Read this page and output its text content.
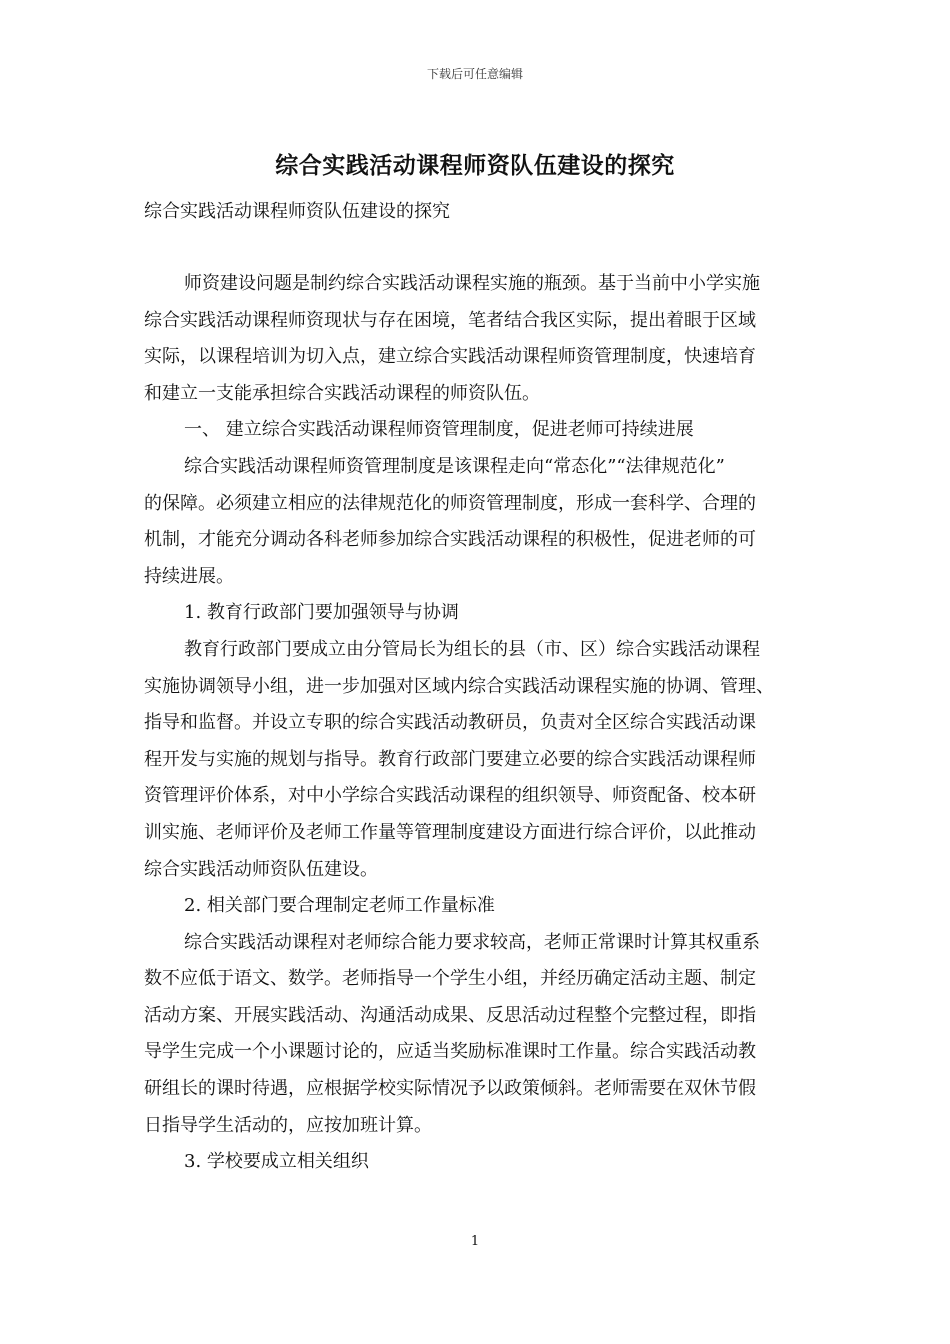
下载后可任意编辑
综合实践活动课程师资队伍建设的探究
综合实践活动课程师资队伍建设的探究
师资建设问题是制约综合实践活动课程实施的瓶颈。基于当前中小学实施
综合实践活动课程师资现状与存在困境，笔者结合我区实际，提出着眼于区域
实际，以课程培训为切入点，建立综合实践活动课程师资管理制度，快速培育
和建立一支能承担综合实践活动课程的师资队伍。
一、 建立综合实践活动课程师资管理制度，促进老师可持续进展
综合实践活动课程师资管理制度是该课程走向“常态化”“法律规范化”
的保障。必须建立相应的法律规范化的师资管理制度，形成一套科学、合理的
机制，才能充分调动各科老师参加综合实践活动课程的积极性，促进老师的可
持续进展。
1. 教育行政部门要加强领导与协调
教育行政部门要成立由分管局长为组长的县（市、区）综合实践活动课程
实施协调领导小组，进一步加强对区域内综合实践活动课程实施的协调、管理、
指导和监督。并设立专职的综合实践活动教研员，负责对全区综合实践活动课
程开发与实施的规划与指导。教育行政部门要建立必要的综合实践活动课程师
资管理评价体系，对中小学综合实践活动课程的组织领导、师资配备、校本研
训实施、老师评价及老师工作量等管理制度建设方面进行综合评价，以此推动
综合实践活动师资队伍建设。
2. 相关部门要合理制定老师工作量标准
综合实践活动课程对老师综合能力要求较高，老师正常课时计算其权重系
数不应低于语文、数学。老师指导一个学生小组，并经历确定活动主题、制定
活动方案、开展实践活动、沟通活动成果、反思活动过程整个完整过程，即指
导学生完成一个小课题讨论的，应适当奖励标准课时工作量。综合实践活动教
研组长的课时待遇，应根据学校实际情况予以政策倾斜。老师需要在双休节假
日指导学生活动的，应按加班计算。
3. 学校要成立相关组织
1
